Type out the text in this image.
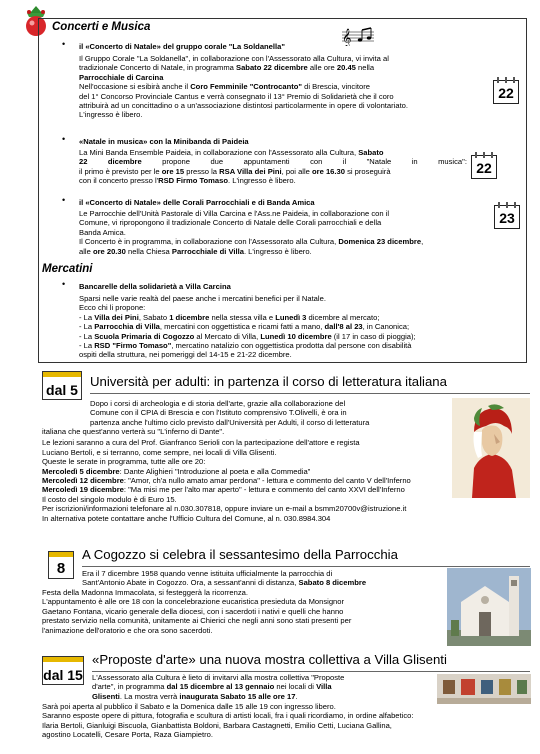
Concerti e Musica
𝄞
• il «Concerto di Natale» del gruppo corale "La Soldanella"
Il Gruppo Corale "La Soldanella", in collaborazione con l'Assessorato alla Cultura, vi invita al
tradizionale Concerto di Natale, in programma Sabato 22 dicembre alle ore 20.45 nella
Parrocchiale di Carcina
Nell'occasione si esibirà anche il Coro Femminile "Controcanto" di Brescia, vincitore
del 1° Concorso Provinciale Cantus e verrà consegnato il 13° Premio di Solidarietà che il coro
attribuirà ad un concittadino o a un'associazione distintosi particolarmente in opere di volontariato.
L'ingresso è libero.
22
• «Natale in musica» con la Minibanda di Paideia
La Mini Banda Ensemble Paideia, in collaborazione con l'Assessorato alla Cultura, Sabato
22	dicembre	propone	due	appuntamenti	con	il	"Natale	in	musica":
il primo è previsto per le ore 15 presso la RSA Villa dei Pini, poi alle ore 16.30 si proseguirà
con il concerto presso l'RSD Firmo Tomaso. L'ingresso è libero.
22
• il «Concerto di Natale» delle Corali Parrocchiali e di Banda Amica
Le Parrocchie dell'Unità Pastorale di Villa Carcina e l'Ass.ne Paideia, in collaborazione con il
Comune, vi ripropongono il tradizionale Concerto di Natale delle Corali parrocchiali e della
Banda Amica.
Il Concerto è in programma, in collaborazione con l'Assessorato alla Cultura, Domenica 23 dicembre,
alle ore 20.30 nella Chiesa Parrocchiale di Villa. L'ingresso è libero.
23
Mercatini
• Bancarelle della solidarietà a Villa Carcina
Sparsi nelle varie realtà del paese anche i mercatini benefici per il Natale.
Ecco chi li propone:
- La Villa dei Pini, Sabato 1 dicembre nella stessa villa e Lunedì 3 dicembre al mercato;
- La Parrocchia di Villa, mercatini con oggettistica e ricami fatti a mano, dall'8 al 23, in Canonica;
- La Scuola Primaria di Cogozzo al Mercato di Villa, Lunedì 10 dicembre (il 17 in caso di pioggia);
- La RSD "Firmo Tomaso", mercatino natalizio con oggettistica prodotta dal persone con disabilità
ospiti della struttura, nei pomeriggi del 14-15 e 21-22 dicembre.
dal 5
Università per adulti: in partenza il corso di letteratura italiana
Dopo i corsi di archeologia e di storia dell'arte, grazie alla collaborazione del
Comune con il CPIA di Brescia e con l'Istituto comprensivo T.Olivelli, è ora in
partenza anche l'ultimo ciclo previsto dall'Università per Adulti, il corso di letteratura
italiana che quest'anno verterà su "L'inferno di Dante".
Le lezioni saranno a cura del Prof. Gianfranco Serioli con la partecipazione dell'attore e regista
Luciano Bertoli, e si terranno, come sempre, nei locali di Villa Glisenti.
Queste le serate in programma, tutte alle ore 20:
Mercoledì 5 dicembre: Dante Alighieri "Introduzione al poeta e alla Commedia"
Mercoledì 12 dicembre: "Amor, ch'a nullo amato amar perdona" - lettura e commento del canto V dell'Inferno
Mercoledì 19 dicembre: "Ma misi me per l'alto mar aperto" - lettura e commento del canto XXVI dell'Inferno
Il costo del singolo modulo è di Euro 15.
Per iscrizioni/informazioni telefonare al n.030.307818, oppure inviare un e-mail a bsmm20700v@istruzione.it
In alternativa potete contattare anche l'Ufficio Cultura del Comune, al n. 030.8984.304
8
A Cogozzo si celebra il sessantesimo della Parrocchia
Era il 7 dicembre 1958 quando venne istituita ufficialmente la parrocchia di
Sant'Antonio Abate in Cogozzo. Ora, a sessant'anni di distanza, Sabato 8 dicembre
Festa della Madonna Immacolata, si festeggerà la ricorrenza.
L'appuntamento è alle ore 18 con la concelebrazione eucaristica presieduta da Monsignor
Gaetano Fontana, vicario generale della diocesi, con i sacerdoti i nativi e quelli che hanno
prestato servizio nella comunità, unitamente ai Chierici che negli anni sono stati presenti per
l'animazione dell'oratorio e che ora sono sacerdoti.
dal 15
«Proposte d'arte» una nuova mostra collettiva a Villa Glisenti
L'Assessorato alla Cultura è lieto di invitarvi alla mostra collettiva "Proposte
d'arte", in programma dal 15 dicembre al 13 gennaio nei locali di Villa
Glisenti. La mostra verrà inaugurata Sabato 15 alle ore 17.
Sarà poi aperta al pubblico il Sabato e la Domenica dalle 15 alle 19 con ingresso libero.
Saranno esposte opere di pittura, fotografia e scultura di artisti locali, fra i quali ricordiamo, in ordine alfabetico:
Ilaria Bertoli, Gianluigi Biscuola, Gianbattista Boldoni, Barbara Castagnetti, Emilio Cetti, Luciana Gallina,
agostino Locatelli, Cesare Porta, Raza Giampietro.
